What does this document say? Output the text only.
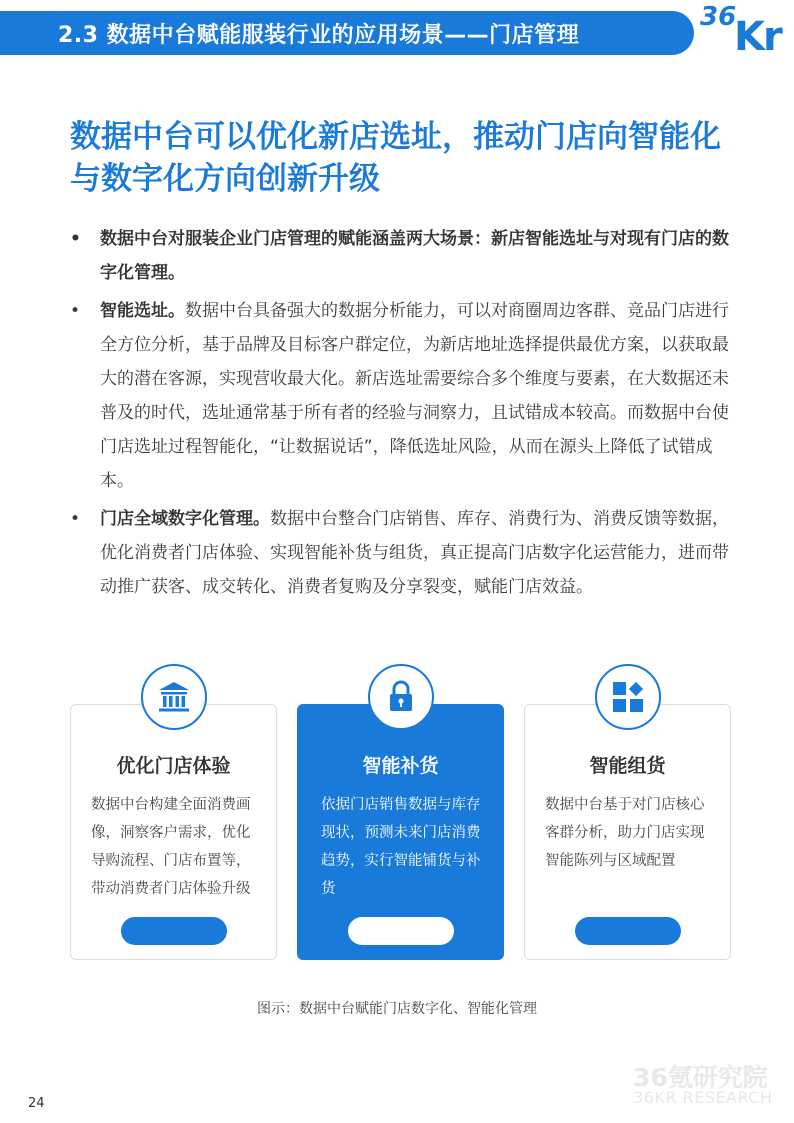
2.3 数据中台赋能服装行业的应用场景——门店管理
36
Kr
数据中台可以优化新店选址，推动门店向智能化与数字化方向创新升级
• 数据中台对服装企业门店管理的赋能涵盖两大场景：新店智能选址与对现有门店的数字化管理。
• 智能选址。数据中台具备强大的数据分析能力，可以对商圈周边客群、竞品门店进行全方位分析，基于品牌及目标客户群定位，为新店地址选择提供最优方案，以获取最大的潜在客源，实现营收最大化。新店选址需要综合多个维度与要素，在大数据还未普及的时代，选址通常基于所有者的经验与洞察力，且试错成本较高。而数据中台使门店选址过程智能化，“让数据说话”，降低选址风险，从而在源头上降低了试错成本。
• 门店全域数字化管理。数据中台整合门店销售、库存、消费行为、消费反馈等数据，优化消费者门店体验、实现智能补货与组货，真正提高门店数字化运营能力，进而带动推广获客、成交转化、消费者复购及分享裂变，赋能门店效益。
优化门店体验
数据中台构建全面消费画像，洞察客户需求，优化导购流程、门店布置等，带动消费者门店体验升级
智能补货
依据门店销售数据与库存现状，预测未来门店消费趋势，实行智能铺货与补货
智能组货
数据中台基于对门店核心客群分析，助力门店实现智能陈列与区域配置
图示：数据中台赋能门店数字化、智能化管理
36氪研究院
36KR RESEARCH
24
